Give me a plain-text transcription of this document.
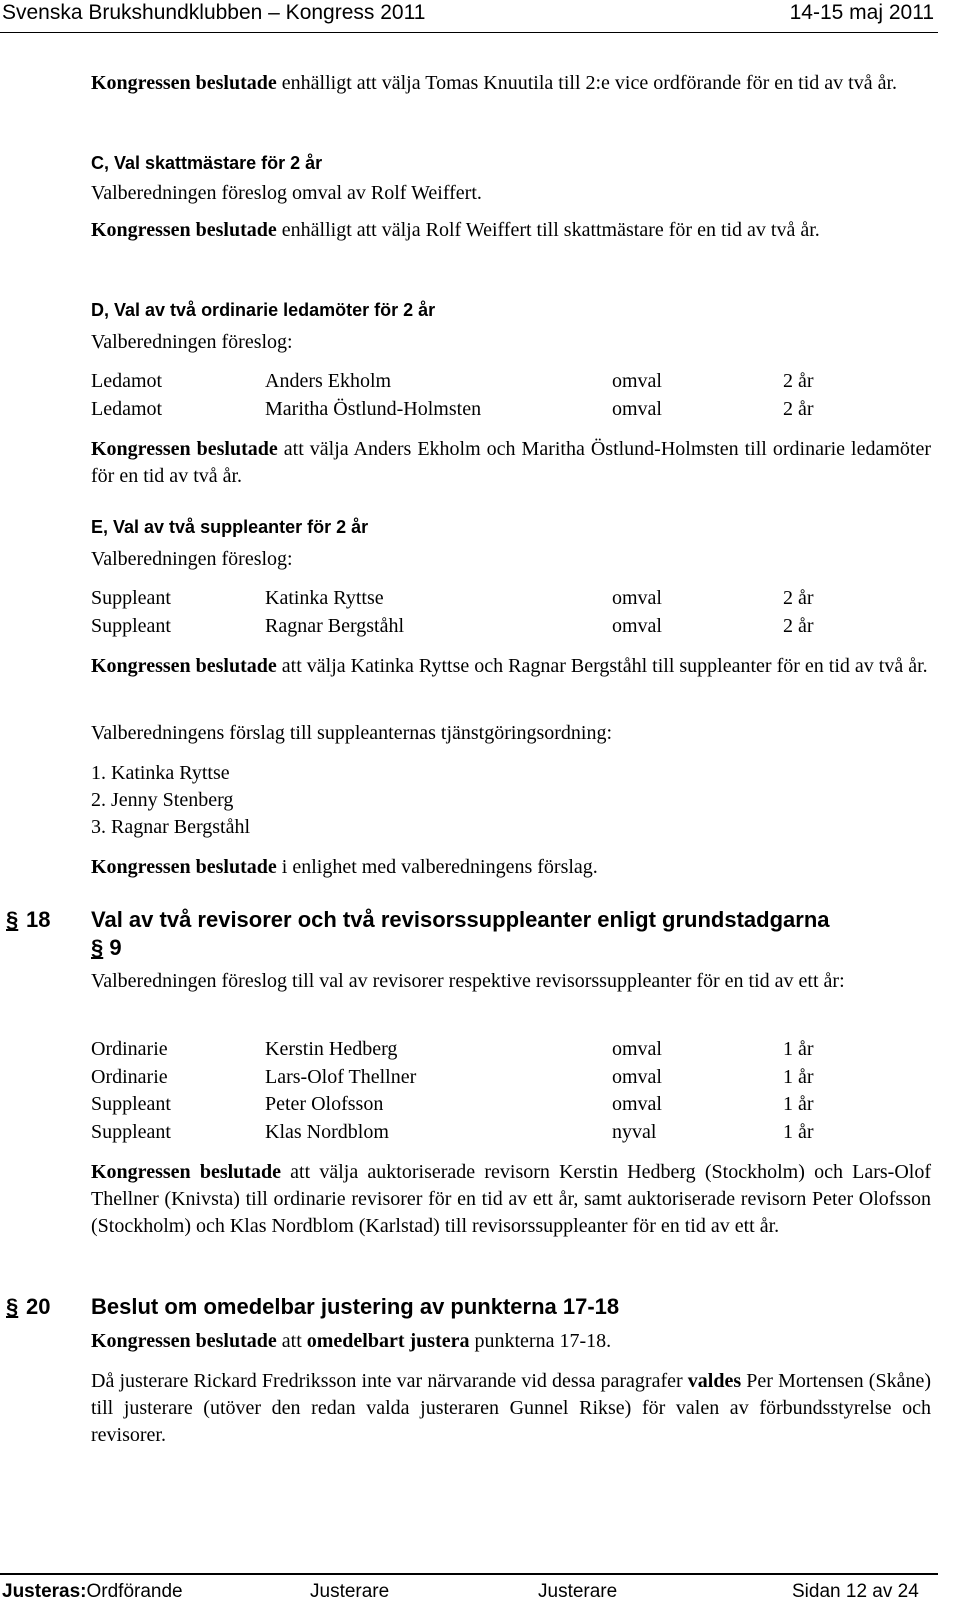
Svenska Brukshundklubben – Kongress 2011	14-15 maj 2011
Kongressen beslutade enhälligt att välja Tomas Knuutila till 2:e vice ordförande för en tid av två år.
C, Val skattmästare för 2 år
Valberedningen föreslog omval av Rolf Weiffert.
Kongressen beslutade enhälligt att välja Rolf Weiffert till skattmästare för en tid av två år.
D, Val av två ordinarie ledamöter för 2 år
Valberedningen föreslog:
Ledamot	Anders Ekholm	omval	2 år
Ledamot	Maritha Östlund-Holmsten	omval	2 år
Kongressen beslutade att välja Anders Ekholm och Maritha Östlund-Holmsten till ordinarie ledamöter för en tid av två år.
E, Val av två suppleanter för 2 år
Valberedningen föreslog:
Suppleant	Katinka Ryttse	omval	2 år
Suppleant	Ragnar Bergståhl	omval	2 år
Kongressen beslutade att välja Katinka Ryttse och Ragnar Bergståhl till suppleanter för en tid av två år.
Valberedningens förslag till suppleanternas tjänstgöringsordning:
1. Katinka Ryttse
2. Jenny Stenberg
3. Ragnar Bergståhl
Kongressen beslutade i enlighet med valberedningens förslag.
§ 18 Val av två revisorer och två revisorssuppleanter enligt grundstadgarna
§ 9
Valberedningen föreslog till val av revisorer respektive revisorssuppleanter för en tid av ett år:
Ordinarie	Kerstin Hedberg	omval	1 år
Ordinarie	Lars-Olof Thellner	omval	1 år
Suppleant	Peter Olofsson	omval	1 år
Suppleant	Klas Nordblom	nyval	1 år
Kongressen beslutade att välja auktoriserade revisorn Kerstin Hedberg (Stockholm) och Lars-Olof Thellner (Knivsta) till ordinarie revisorer för en tid av ett år, samt auktoriserade revisorn Peter Olofsson (Stockholm) och Klas Nordblom (Karlstad) till revisorssuppleanter för en tid av ett år.
§ 20 Beslut om omedelbar justering av punkterna 17-18
Kongressen beslutade att omedelbart justera punkterna 17-18.
Då justerare Rickard Fredriksson inte var närvarande vid dessa paragrafer valdes Per Mortensen (Skåne) till justerare (utöver den redan valda justeraren Gunnel Rikse) för valen av förbundsstyrelse och revisorer.
Justeras: Ordförande	Justerare	Justerare	Sidan 12 av 24
